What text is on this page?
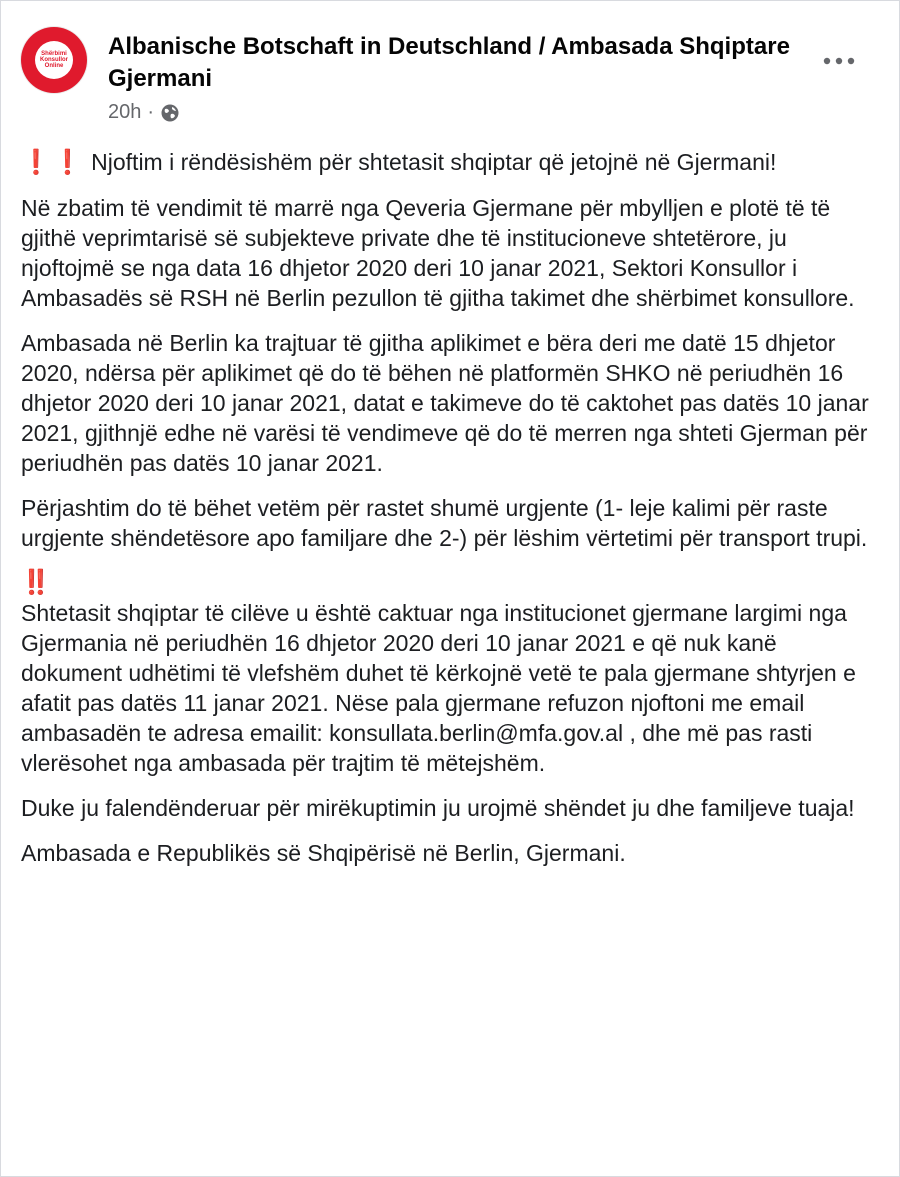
Shërbimi
Konsullor
Online
Albanische Botschaft in Deutschland / Ambasada Shqiptare Gjermani
20h ·

❗❗ Njoftim i rëndësishëm për shtetasit shqiptar që jetojnë në Gjermani!

Në zbatim të vendimit të marrë nga Qeveria Gjermane për mbylljen e plotë të të gjithë veprimtarisë së subjekteve private dhe të institucioneve shtetërore, ju njoftojmë se nga data 16 dhjetor 2020 deri 10 janar 2021, Sektori Konsullor i Ambasadës së RSH në Berlin pezullon të gjitha takimet dhe shërbimet konsullore.

Ambasada në Berlin ka trajtuar të gjitha aplikimet e bëra deri me datë 15 dhjetor 2020, ndërsa për aplikimet që do të bëhen në platformën SHKO në periudhën 16 dhjetor 2020 deri 10 janar 2021, datat e takimeve do të caktohet pas datës 10 janar 2021, gjithnjë edhe në varësi të vendimeve që do të merren nga shteti Gjerman për periudhën pas datës 10 janar 2021.

Përjashtim do të bëhet vetëm për rastet shumë urgjente (1- leje kalimi për raste urgjente shëndetësore apo familjare dhe 2-) për lëshim vërtetimi për transport trupi.

‼️

Shtetasit shqiptar të cilëve u është caktuar nga institucionet gjermane largimi nga Gjermania në periudhën 16 dhjetor 2020 deri 10 janar 2021 e që nuk kanë dokument udhëtimi të vlefshëm duhet të kërkojnë vetë te pala gjermane shtyrjen e afatit pas datës 11 janar 2021. Nëse pala gjermane refuzon njoftoni me email ambasadën te adresa emailit: konsullata.berlin@mfa.gov.al , dhe më pas rasti vlerësohet nga ambasada për trajtim të mëtejshëm.

Duke ju falendënderuar për mirëkuptimin ju urojmë shëndet ju dhe familjeve tuaja!

Ambasada e Republikës së Shqipërisë në Berlin, Gjermani.
